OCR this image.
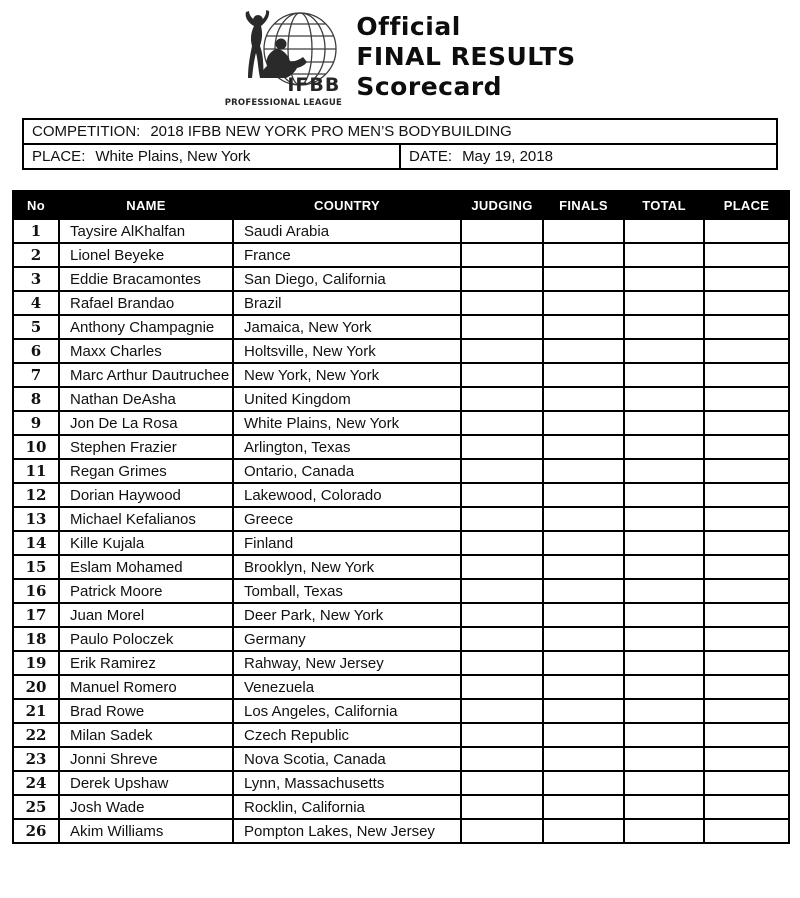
IFBB
PROFESSIONAL LEAGUE
Official
FINAL RESULTS
Scorecard
COMPETITION: 2018 IFBB NEW YORK PRO MEN’S BODYBUILDING
PLACE: White Plains, New York	DATE: May 19, 2018
No	NAME	COUNTRY	JUDGING	FINALS	TOTAL	PLACE
1	Taysire AlKhalfan	Saudi Arabia				
2	Lionel Beyeke	France				
3	Eddie Bracamontes	San Diego, California				
4	Rafael Brandao	Brazil				
5	Anthony Champagnie	Jamaica, New York				
6	Maxx Charles	Holtsville, New York				
7	Marc Arthur Dautruchee	New York, New York				
8	Nathan DeAsha	United Kingdom				
9	Jon De La Rosa	White Plains, New York				
10	Stephen Frazier	Arlington, Texas				
11	Regan Grimes	Ontario, Canada				
12	Dorian Haywood	Lakewood, Colorado				
13	Michael Kefalianos	Greece				
14	Kille Kujala	Finland				
15	Eslam Mohamed	Brooklyn, New York				
16	Patrick Moore	Tomball, Texas				
17	Juan Morel	Deer Park, New York				
18	Paulo Poloczek	Germany				
19	Erik Ramirez	Rahway, New Jersey				
20	Manuel Romero	Venezuela				
21	Brad Rowe	Los Angeles, California				
22	Milan Sadek	Czech Republic				
23	Jonni Shreve	Nova Scotia, Canada				
24	Derek Upshaw	Lynn, Massachusetts				
25	Josh Wade	Rocklin, California				
26	Akim Williams	Pompton Lakes, New Jersey				
